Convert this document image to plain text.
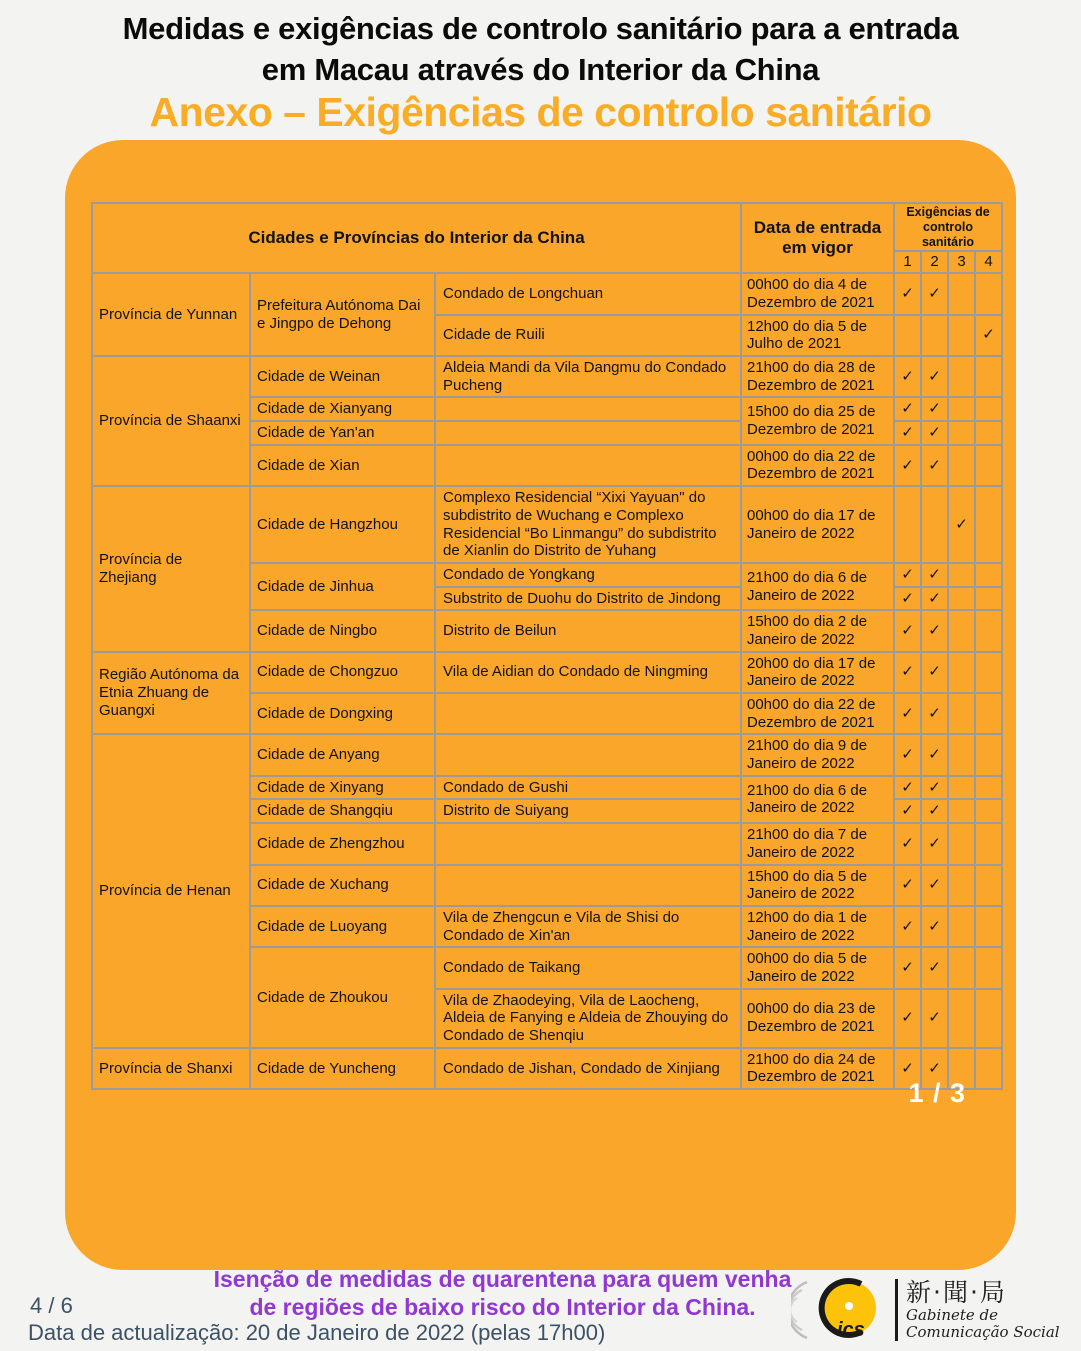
Medidas e exigências de controlo sanitário para a entrada
em Macau através do Interior da China
Anexo – Exigências de controlo sanitário
Cidades e Províncias do Interior da China			Data de entrada em vigor	Exigências de controlo sanitário			
				1	2	3	4
Província de Yunnan	Prefeitura Autónoma Dai e Jingpo de Dehong	Condado de Longchuan	00h00 do dia 4 de Dezembro de 2021	✓	✓		
		Cidade de Ruili	12h00 do dia 5 de Julho de 2021				✓
Província de Shaanxi	Cidade de Weinan	Aldeia Mandi da Vila Dangmu do Condado Pucheng	21h00 do dia 28 de Dezembro de 2021	✓	✓		
	Cidade de Xianyang		15h00 do dia 25 de Dezembro de 2021	✓	✓		
	Cidade de Yan'an			✓	✓		
	Cidade de Xian		00h00 do dia 22 de Dezembro de 2021	✓	✓		
Província de Zhejiang	Cidade de Hangzhou	Complexo Residencial “Xixi Yayuan" do subdistrito de Wuchang e Complexo Residencial “Bo Linmangu” do subdistrito de Xianlin do Distrito de Yuhang	00h00 do dia 17 de Janeiro de 2022			✓	
	Cidade de Jinhua	Condado de Yongkang	21h00 do dia 6 de Janeiro de 2022	✓	✓		
		Substrito de Duohu do Distrito de Jindong		✓	✓		
	Cidade de Ningbo	Distrito de Beilun	15h00 do dia 2 de Janeiro de 2022	✓	✓		
Região Autónoma da Etnia Zhuang de Guangxi	Cidade de Chongzuo	Vila de Aidian do Condado de Ningming	20h00 do dia 17 de Janeiro de 2022	✓	✓		
	Cidade de Dongxing		00h00 do dia 22 de Dezembro de 2021	✓	✓		
Província de Henan	Cidade de Anyang		21h00 do dia 9 de Janeiro de 2022	✓	✓		
	Cidade de Xinyang	Condado de Gushi	21h00 do dia 6 de Janeiro de 2022	✓	✓		
	Cidade de Shangqiu	Distrito de Suiyang		✓	✓		
	Cidade de Zhengzhou		21h00 do dia 7 de Janeiro de 2022	✓	✓		
	Cidade de Xuchang		15h00 do dia 5 de Janeiro de 2022	✓	✓		
	Cidade de Luoyang	Vila de Zhengcun e Vila de Shisi do Condado de Xin'an	12h00 do dia 1 de Janeiro de 2022	✓	✓		
	Cidade de Zhoukou	Condado de Taikang	00h00 do dia 5 de Janeiro de 2022	✓	✓		
		Vila de Zhaodeying, Vila de Laocheng, Aldeia de Fanying e Aldeia de Zhouying do Condado de Shenqiu	00h00 do dia 23 de Dezembro de 2021	✓	✓		
Província de Shanxi	Cidade de Yuncheng	Condado de Jishan, Condado de Xinjiang	21h00 do dia 24 de Dezembro de 2021	✓	✓		
1 / 3
4 / 6
Isenção de medidas de quarentena para quem venha
de regiões de baixo risco do Interior da China.
Data de actualização: 20 de Janeiro de 2022 (pelas 17h00)	ics
新‧聞‧局
Gabinete de
Comunicação Social
